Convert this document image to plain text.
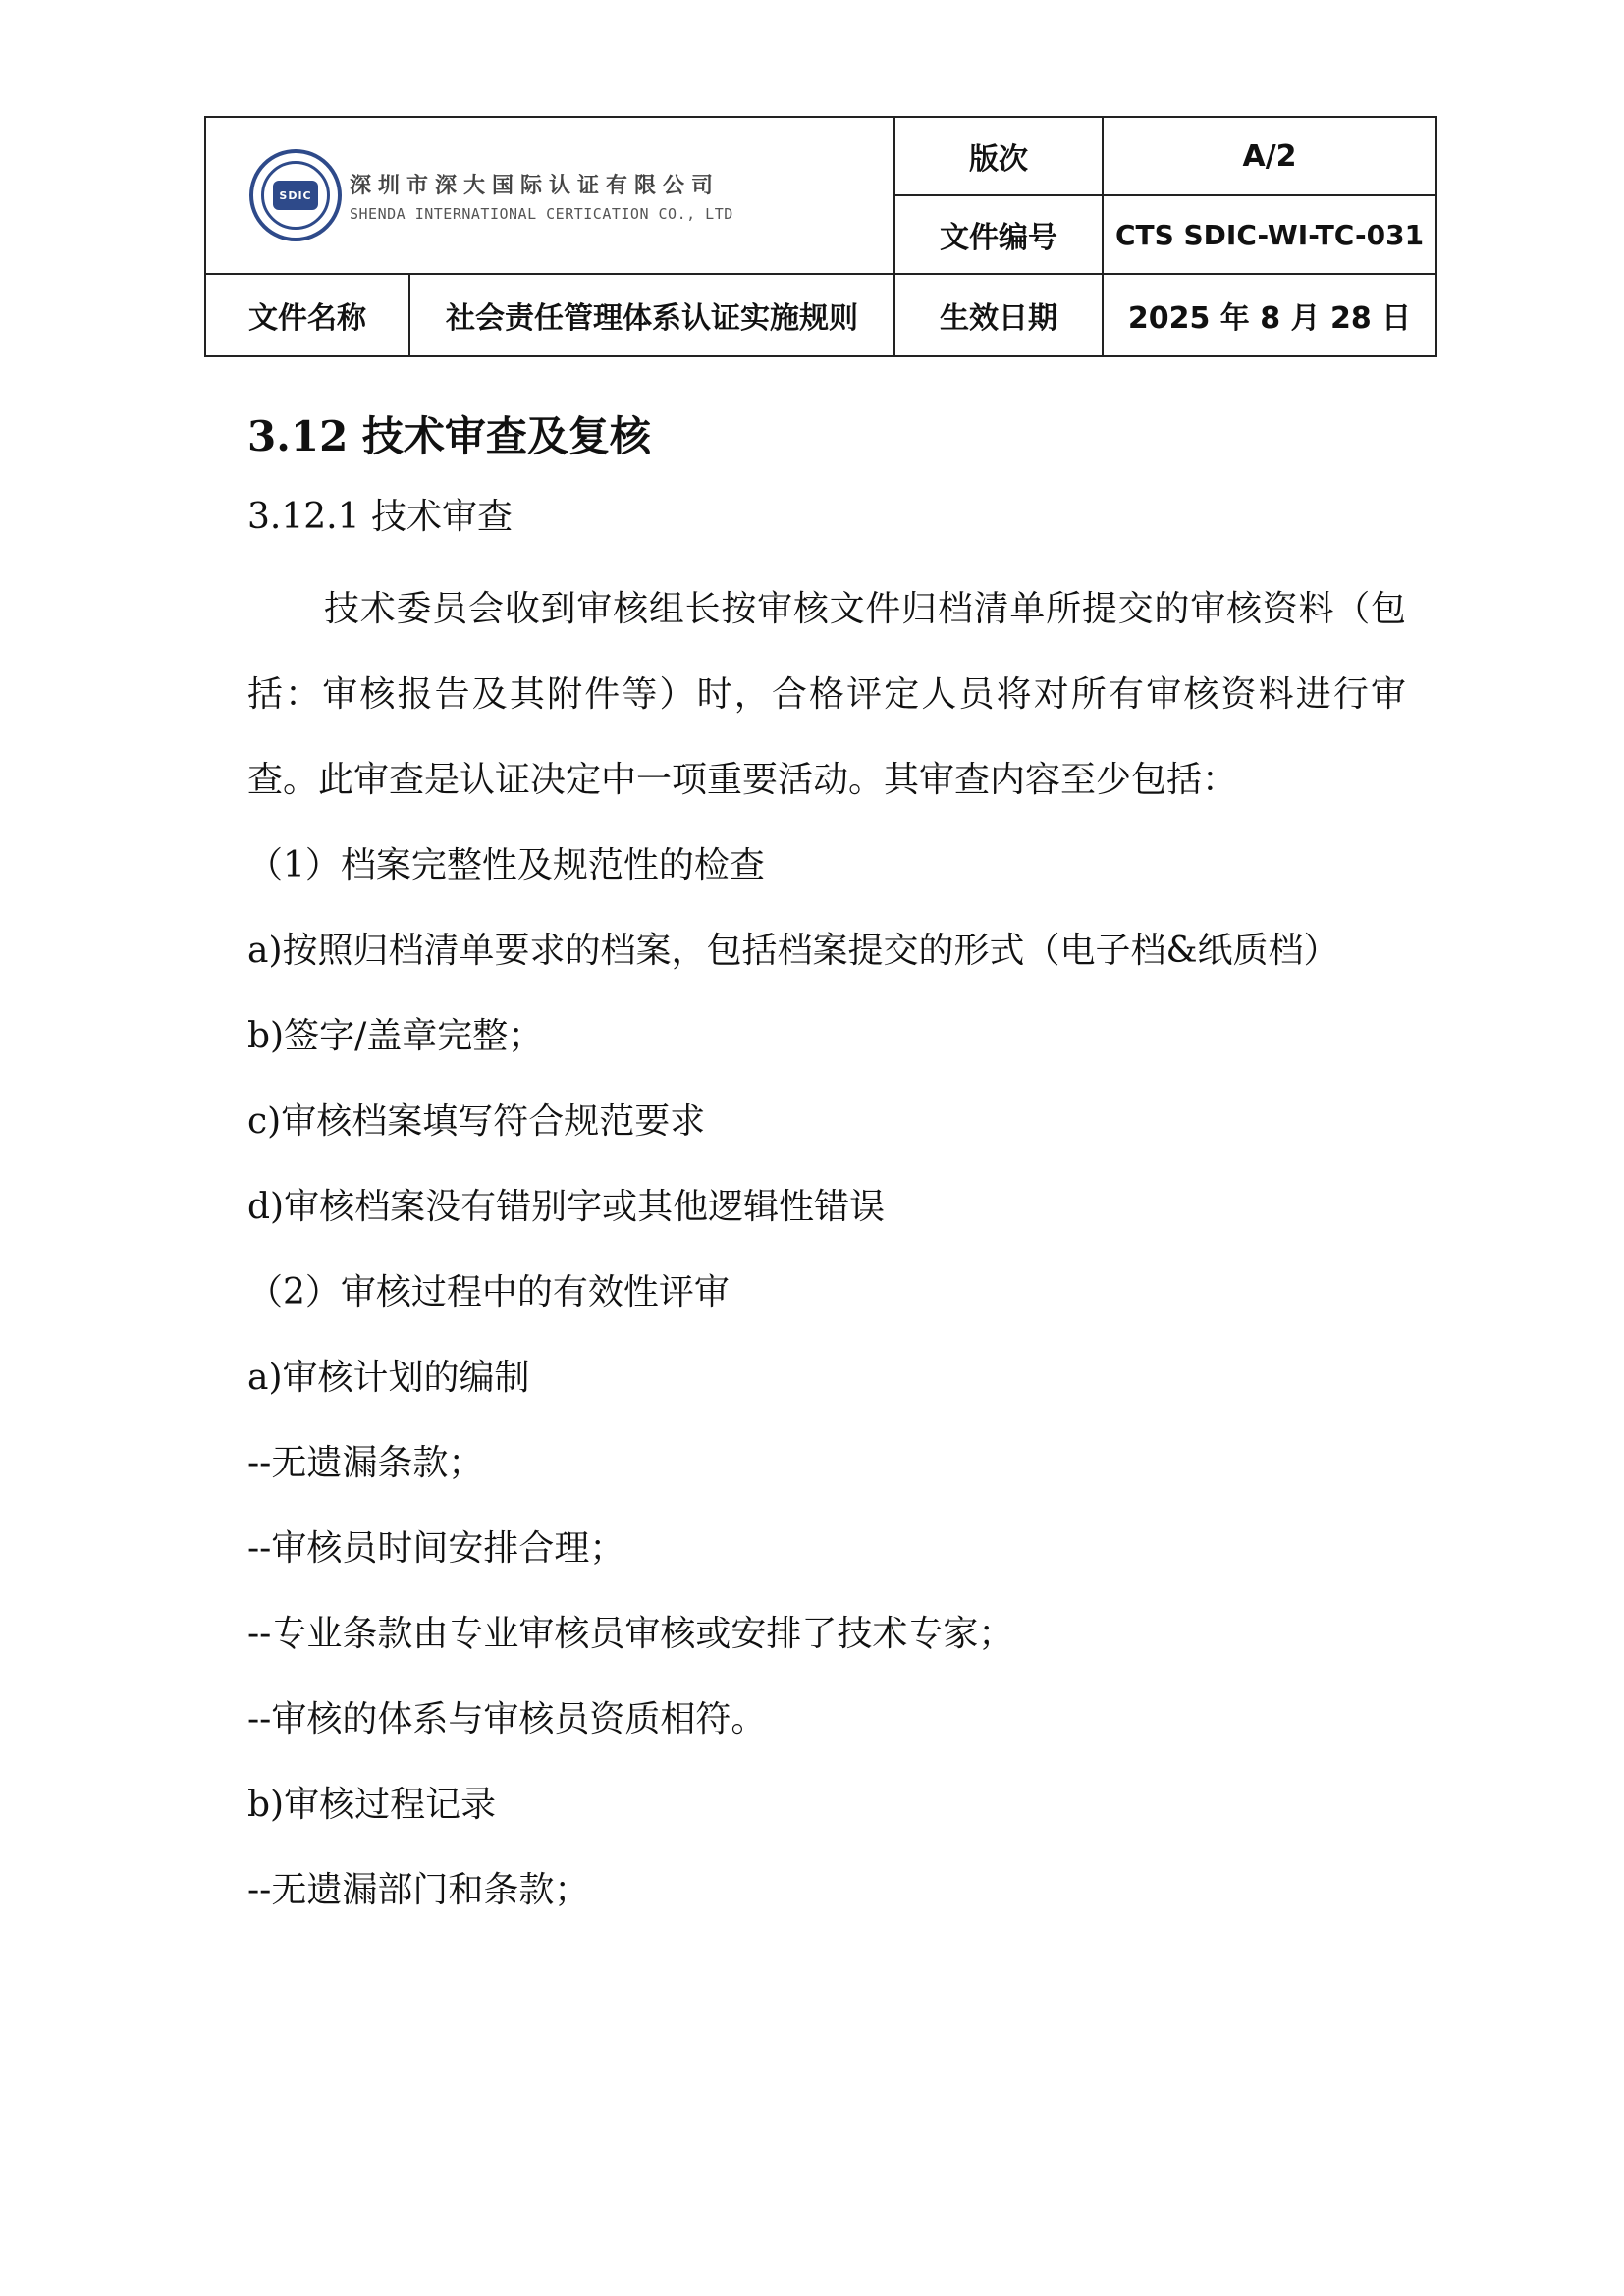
SDIC 深圳市深大国际认证有限公司
SHENDA INTERNATIONAL CERTICATION CO., LTD		版次	A/2
		文件编号	CTS SDIC-WI-TC-031
文件名称	社会责任管理体系认证实施规则	生效日期	2025 年 8 月 28 日
3.12 技术审查及复核
3.12.1 技术审查

技术委员会收到审核组长按审核文件归档清单所提交的审核资料（包括：审核报告及其附件等）时，合格评定人员将对所有审核资料进行审查。此审查是认证决定中一项重要活动。其审查内容至少包括：

（1）档案完整性及规范性的检查
a)按照归档清单要求的档案，包括档案提交的形式（电子档&纸质档）
b)签字/盖章完整；
c)审核档案填写符合规范要求
d)审核档案没有错别字或其他逻辑性错误
（2）审核过程中的有效性评审
a)审核计划的编制
--无遗漏条款；
--审核员时间安排合理；
--专业条款由专业审核员审核或安排了技术专家；
--审核的体系与审核员资质相符。
b)审核过程记录
--无遗漏部门和条款；
